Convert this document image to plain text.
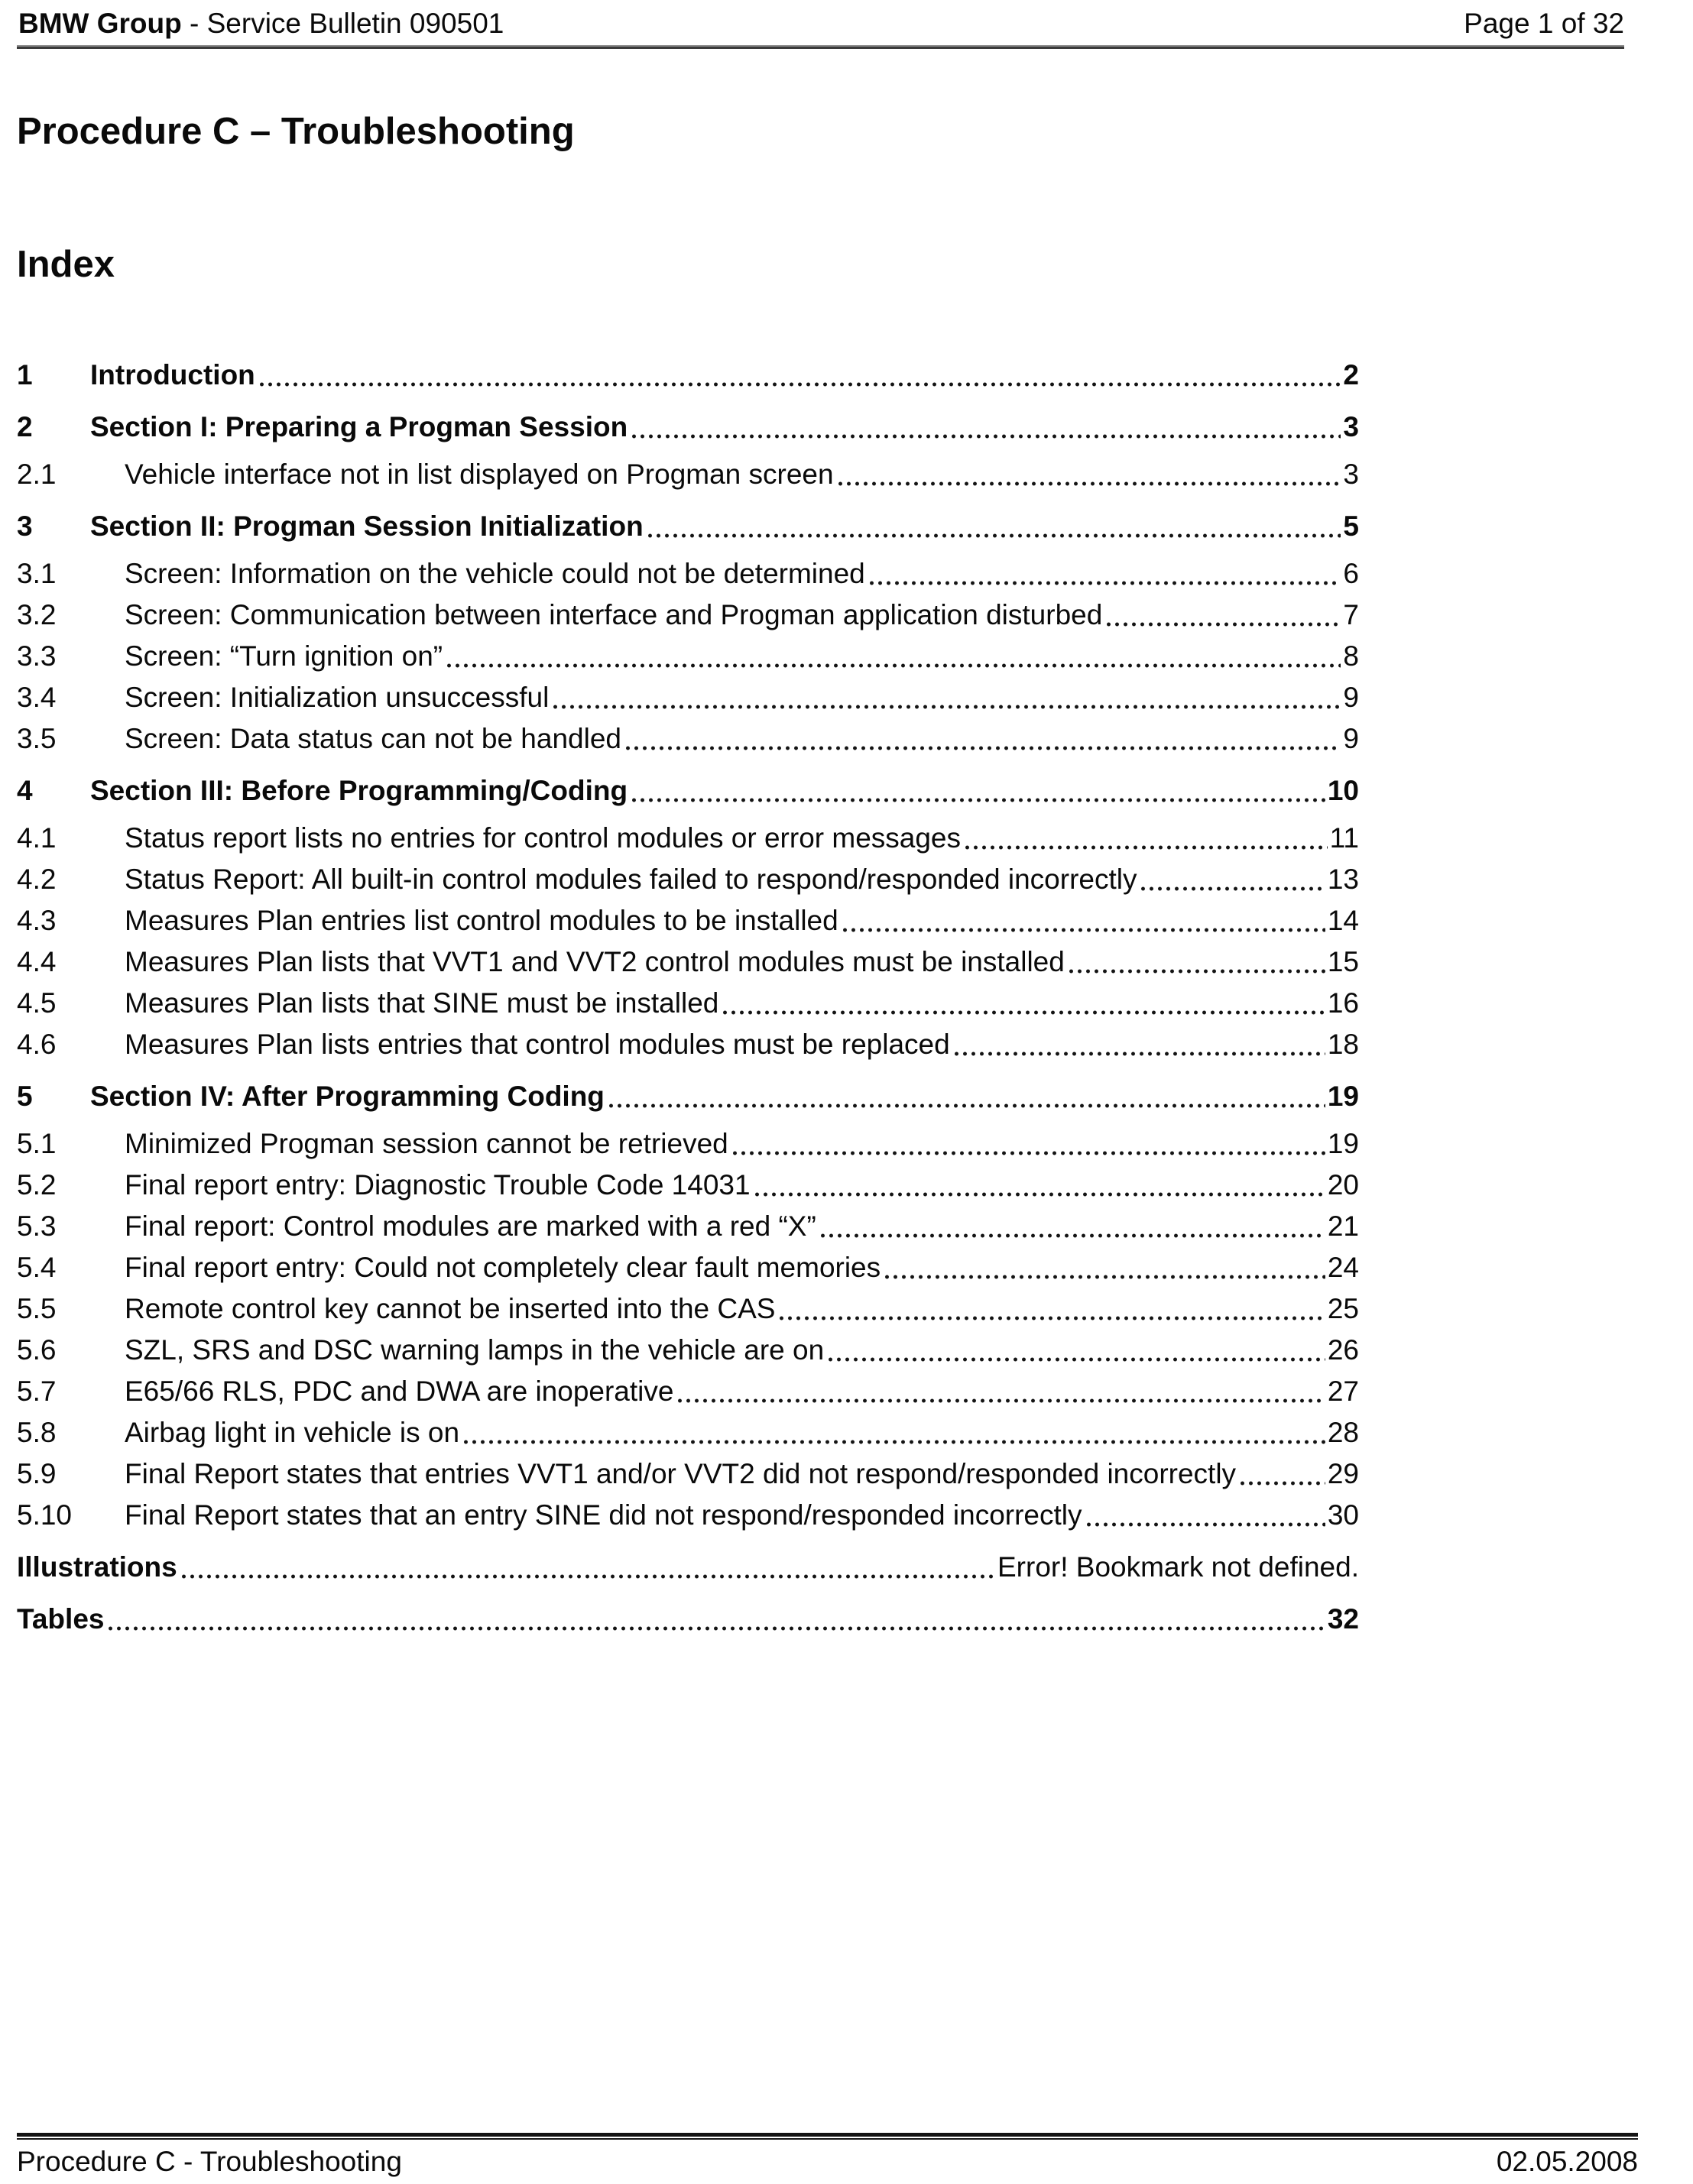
BMW Group - Service Bulletin 090501	Page 1 of 32
Procedure C – Troubleshooting
Index
1	Introduction	2
2	Section I: Preparing a Progman Session	3
2.1	Vehicle interface not in list displayed on Progman screen	3
3	Section II: Progman Session Initialization	5
3.1	Screen: Information on the vehicle could not be determined	6
3.2	Screen: Communication between interface and Progman application disturbed	7
3.3	Screen: “Turn ignition on”	8
3.4	Screen: Initialization unsuccessful	9
3.5	Screen: Data status can not be handled	9
4	Section III: Before Programming/Coding	10
4.1	Status report lists no entries for control modules or error messages	11
4.2	Status Report: All built-in control modules failed to respond/responded incorrectly	13
4.3	Measures Plan entries list control modules to be installed	14
4.4	Measures Plan lists that VVT1 and VVT2 control modules must be installed	15
4.5	Measures Plan lists that SINE must be installed	16
4.6	Measures Plan lists entries that control modules must be replaced	18
5	Section IV: After Programming Coding	19
5.1	Minimized Progman session cannot be retrieved	19
5.2	Final report entry: Diagnostic Trouble Code 14031	20
5.3	Final report: Control modules are marked with a red “X”	21
5.4	Final report entry: Could not completely clear fault memories	24
5.5	Remote control key cannot be inserted into the CAS	25
5.6	SZL, SRS and DSC warning lamps in the vehicle are on	26
5.7	E65/66 RLS, PDC and DWA are inoperative	27
5.8	Airbag light in vehicle is on	28
5.9	Final Report states that entries VVT1 and/or VVT2 did not respond/responded incorrectly	29
5.10	Final Report states that an entry SINE did not respond/responded incorrectly	30
Illustrations	Error! Bookmark not defined.
Tables	32
Procedure C - Troubleshooting	02.05.2008
